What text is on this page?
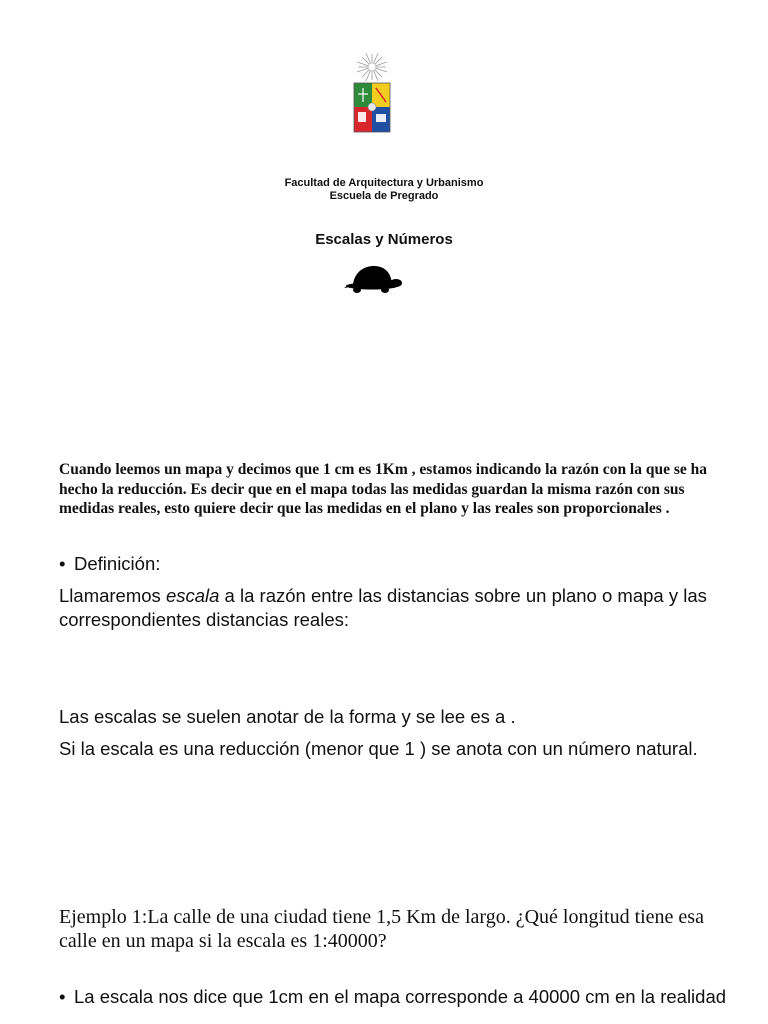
Facultad de Arquitectura y Urbanismo
Escuela de Pregrado
Escalas y Números

Cuando leemos un mapa y decimos que 1 cm es 1Km , estamos indicando la razón con la que se ha hecho la reducción. Es decir que en el mapa todas las medidas guardan la misma razón con sus medidas reales, esto quiere decir que las medidas en el plano y las reales son proporcionales .

• Definición:

Llamaremos escala a la razón entre las distancias sobre un plano o mapa y las correspondientes distancias reales:

Las escalas se suelen anotar de la forma y se lee es a .

Si la escala es una reducción (menor que 1 ) se anota con un número natural.

Ejemplo 1:La calle de una ciudad tiene 1,5 Km de largo. ¿Qué longitud tiene esa calle en un mapa si la escala es 1:40000?

• La escala nos dice que 1cm en el mapa corresponde a 40000 cm en la realidad
